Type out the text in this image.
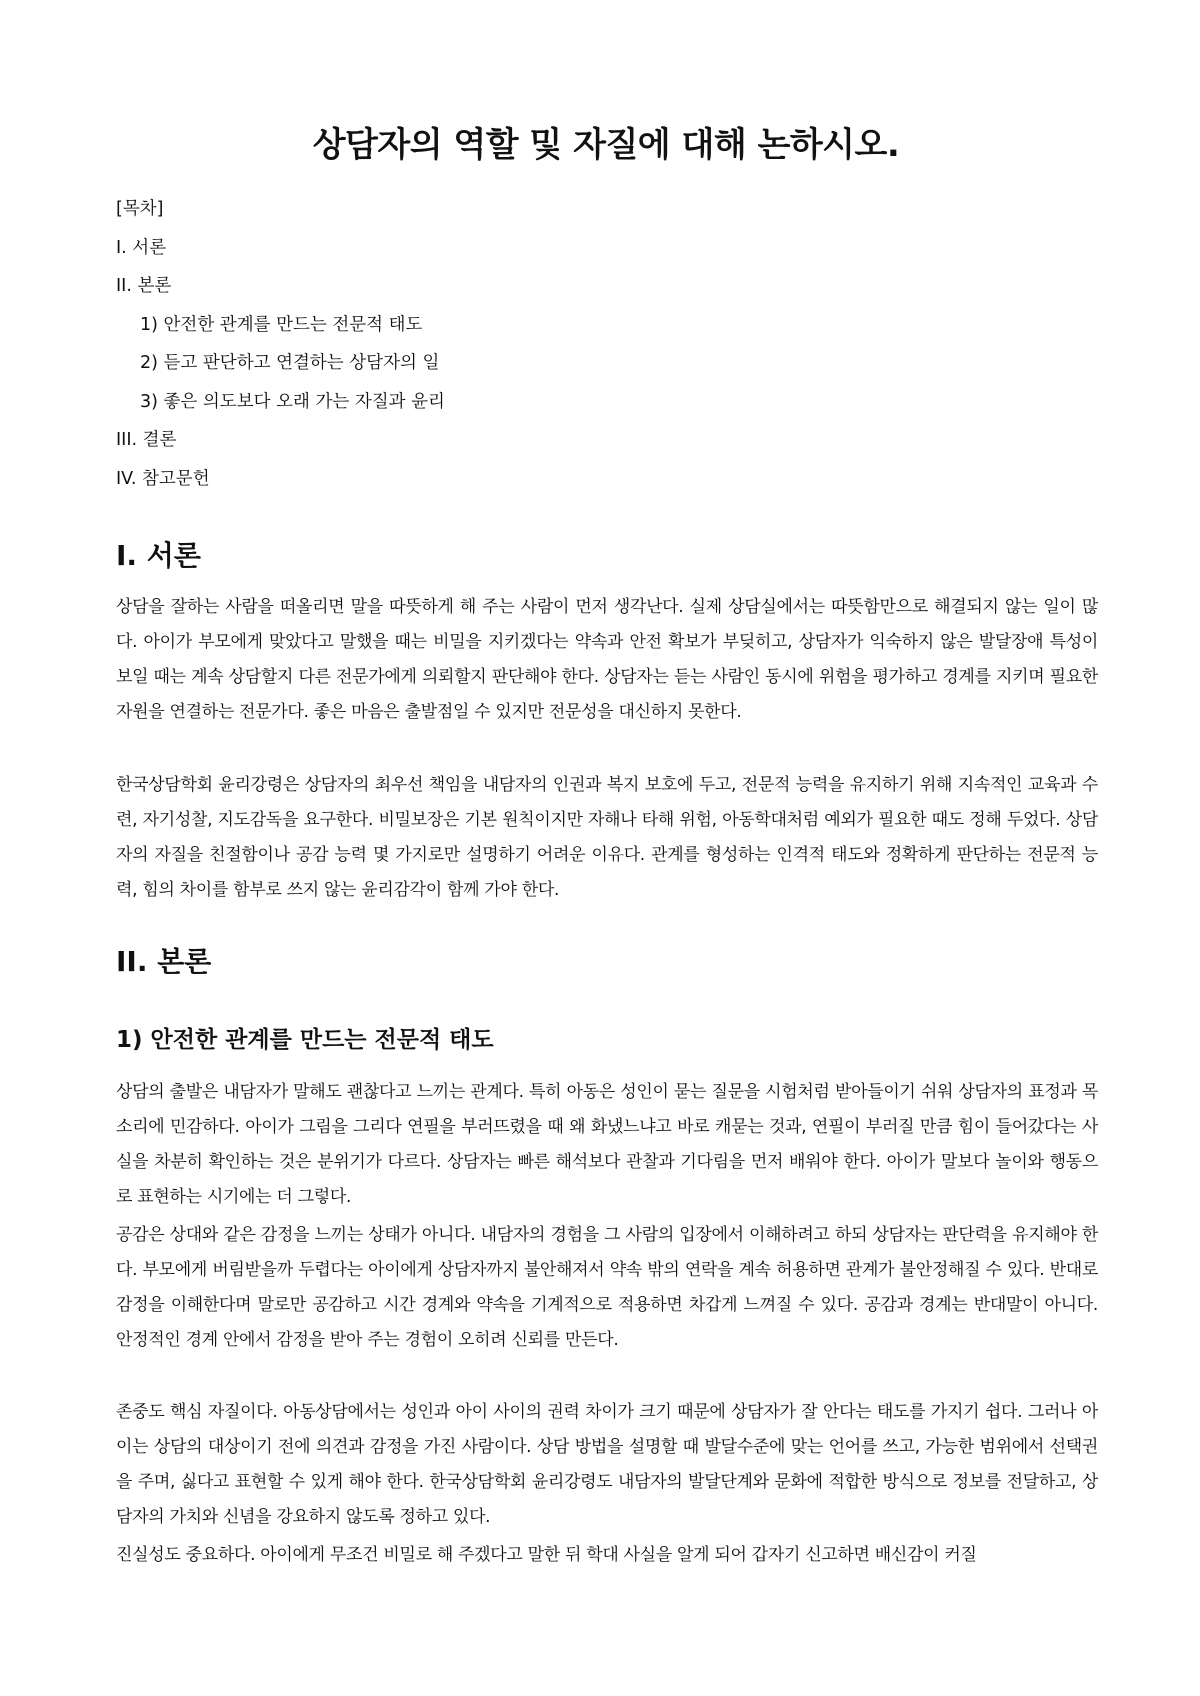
상담자의 역할 및 자질에 대해 논하시오.
[목차]
I. 서론
II. 본론
1) 안전한 관계를 만드는 전문적 태도
2) 듣고 판단하고 연결하는 상담자의 일
3) 좋은 의도보다 오래 가는 자질과 윤리
III. 결론
IV. 참고문헌
I. 서론

상담을 잘하는 사람을 떠올리면 말을 따뜻하게 해 주는 사람이 먼저 생각난다. 실제 상담실에서는 따뜻함만으로 해결되지 않는 일이 많다. 아이가 부모에게 맞았다고 말했을 때는 비밀을 지키겠다는 약속과 안전 확보가 부딪히고, 상담자가 익숙하지 않은 발달장애 특성이 보일 때는 계속 상담할지 다른 전문가에게 의뢰할지 판단해야 한다. 상담자는 듣는 사람인 동시에 위험을 평가하고 경계를 지키며 필요한 자원을 연결하는 전문가다. 좋은 마음은 출발점일 수 있지만 전문성을 대신하지 못한다.

한국상담학회 윤리강령은 상담자의 최우선 책임을 내담자의 인권과 복지 보호에 두고, 전문적 능력을 유지하기 위해 지속적인 교육과 수련, 자기성찰, 지도감독을 요구한다. 비밀보장은 기본 원칙이지만 자해나 타해 위험, 아동학대처럼 예외가 필요한 때도 정해 두었다. 상담자의 자질을 친절함이나 공감 능력 몇 가지로만 설명하기 어려운 이유다. 관계를 형성하는 인격적 태도와 정확하게 판단하는 전문적 능력, 힘의 차이를 함부로 쓰지 않는 윤리감각이 함께 가야 한다.

II. 본론
1) 안전한 관계를 만드는 전문적 태도

상담의 출발은 내담자가 말해도 괜찮다고 느끼는 관계다. 특히 아동은 성인이 묻는 질문을 시험처럼 받아들이기 쉬워 상담자의 표정과 목소리에 민감하다. 아이가 그림을 그리다 연필을 부러뜨렸을 때 왜 화냈느냐고 바로 캐묻는 것과, 연필이 부러질 만큼 힘이 들어갔다는 사실을 차분히 확인하는 것은 분위기가 다르다. 상담자는 빠른 해석보다 관찰과 기다림을 먼저 배워야 한다. 아이가 말보다 놀이와 행동으로 표현하는 시기에는 더 그렇다.

공감은 상대와 같은 감정을 느끼는 상태가 아니다. 내담자의 경험을 그 사람의 입장에서 이해하려고 하되 상담자는 판단력을 유지해야 한다. 부모에게 버림받을까 두렵다는 아이에게 상담자까지 불안해져서 약속 밖의 연락을 계속 허용하면 관계가 불안정해질 수 있다. 반대로 감정을 이해한다며 말로만 공감하고 시간 경계와 약속을 기계적으로 적용하면 차갑게 느껴질 수 있다. 공감과 경계는 반대말이 아니다. 안정적인 경계 안에서 감정을 받아 주는 경험이 오히려 신뢰를 만든다.

존중도 핵심 자질이다. 아동상담에서는 성인과 아이 사이의 권력 차이가 크기 때문에 상담자가 잘 안다는 태도를 가지기 쉽다. 그러나 아이는 상담의 대상이기 전에 의견과 감정을 가진 사람이다. 상담 방법을 설명할 때 발달수준에 맞는 언어를 쓰고, 가능한 범위에서 선택권을 주며, 싫다고 표현할 수 있게 해야 한다. 한국상담학회 윤리강령도 내담자의 발달단계와 문화에 적합한 방식으로 정보를 전달하고, 상담자의 가치와 신념을 강요하지 않도록 정하고 있다.

진실성도 중요하다. 아이에게 무조건 비밀로 해 주겠다고 말한 뒤 학대 사실을 알게 되어 갑자기 신고하면 배신감이 커질
